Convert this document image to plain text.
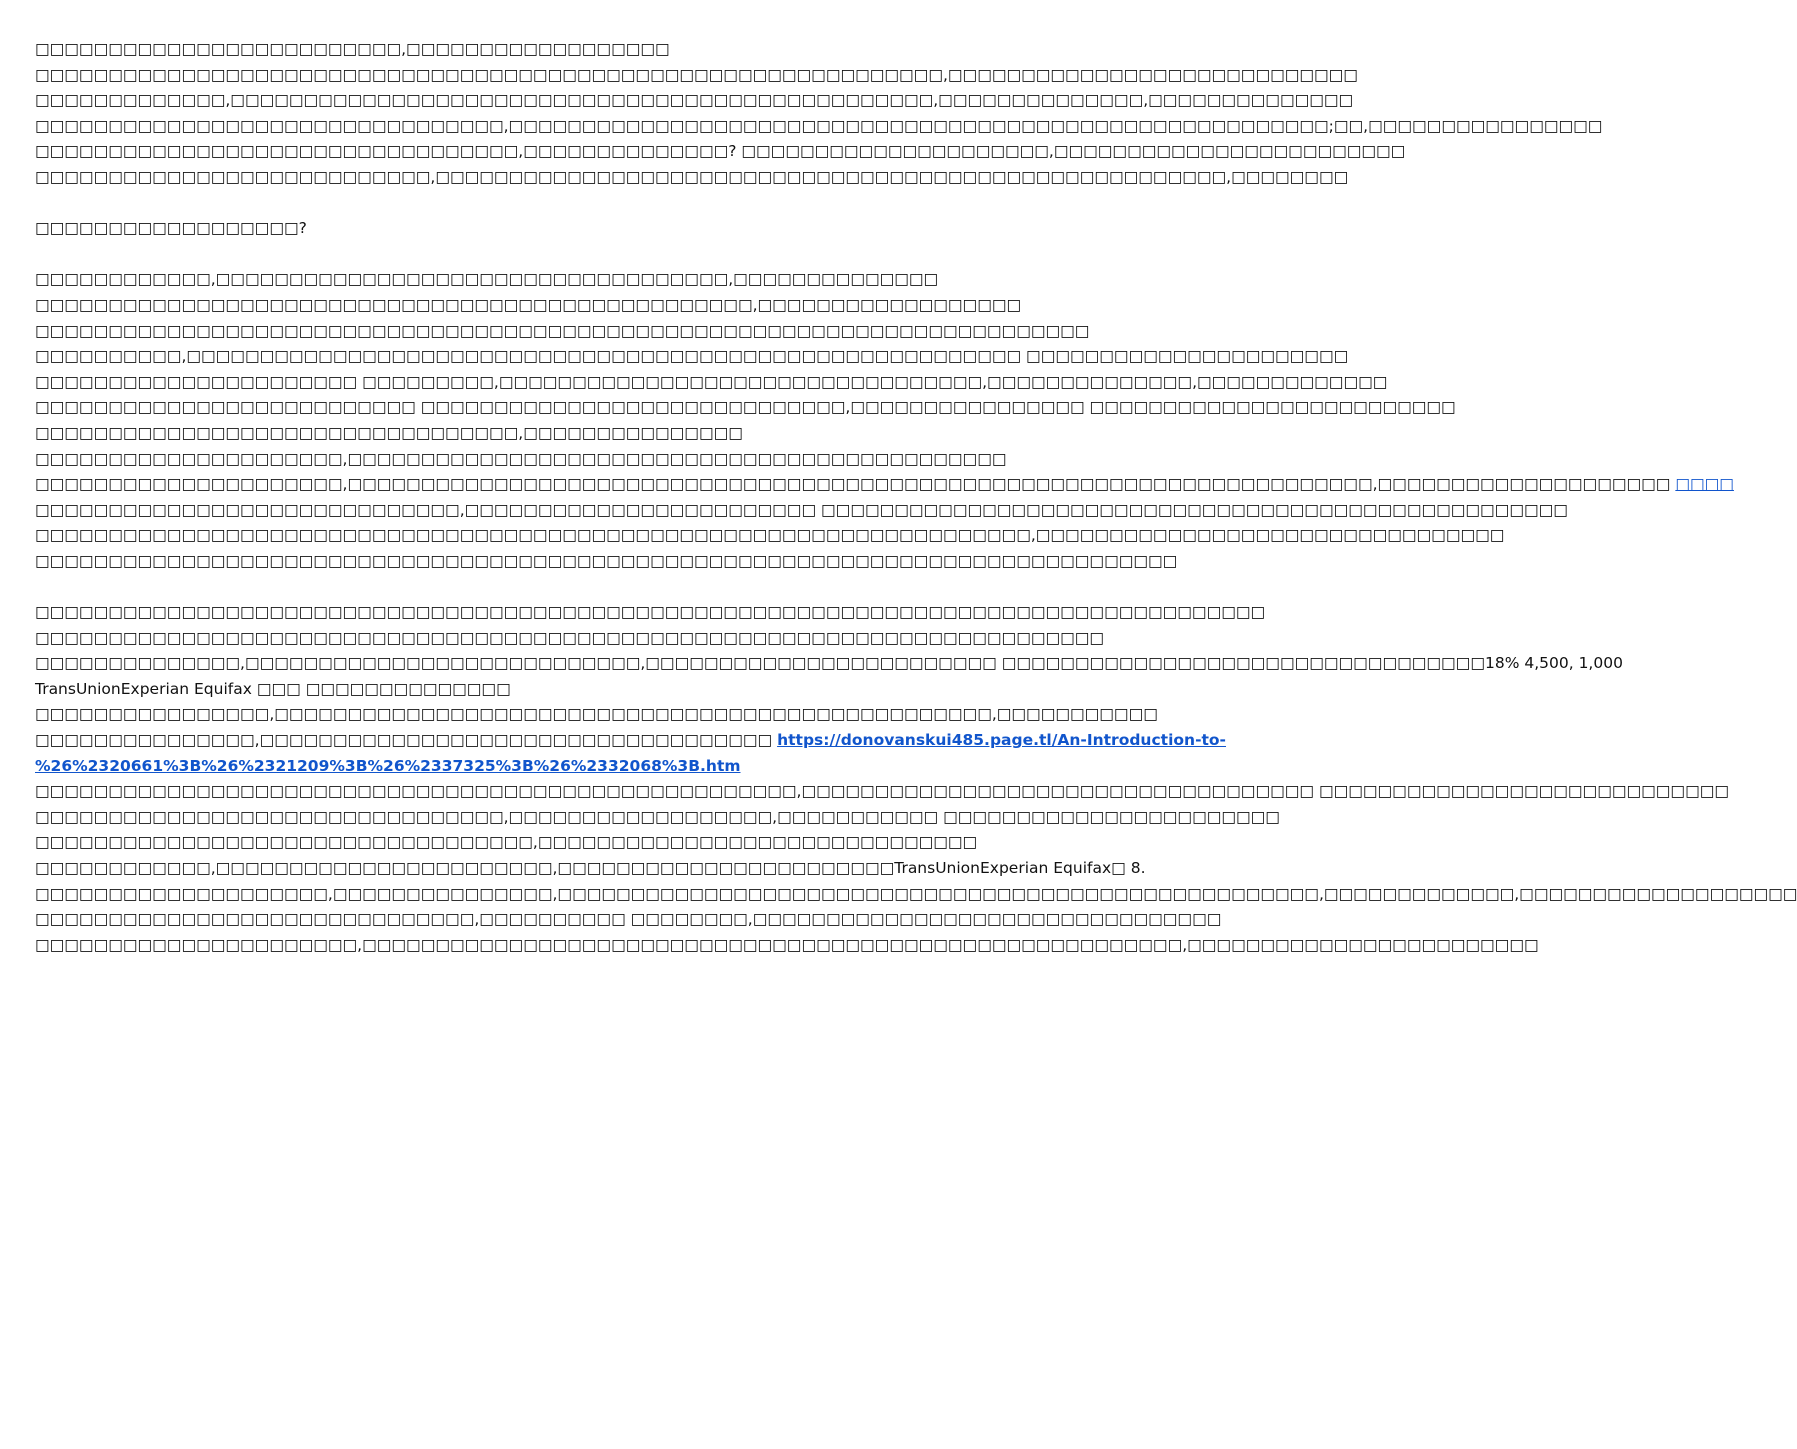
□□□□□□□□□□□□□□□□□□□□□□□□□,□□□□□□□□□□□□□□□□□□
□□□□□□□□□□□□□□□□□□□□□□□□□□□□□□□□□□□□□□□□□□□□□□□□□□□□□□□□□□□□□□,□□□□□□□□□□□□□□□□□□□□□□□□□□□□
□□□□□□□□□□□□□,□□□□□□□□□□□□□□□□□□□□□□□□□□□□□□□□□□□□□□□□□□□□□□□□,□□□□□□□□□□□□□□,□□□□□□□□□□□□□□
□□□□□□□□□□□□□□□□□□□□□□□□□□□□□□□□,□□□□□□□□□□□□□□□□□□□□□□□□□□□□□□□□□□□□□□□□□□□□□□□□□□□□□□□□;□□,□□□□□□□□□□□□□□□□
□□□□□□□□□□□□□□□□□□□□□□□□□□□□□□□□□,□□□□□□□□□□□□□□? □□□□□□□□□□□□□□□□□□□□□,□□□□□□□□□□□□□□□□□□□□□□□□
□□□□□□□□□□□□□□□□□□□□□□□□□□□,□□□□□□□□□□□□□□□□□□□□□□□□□□□□□□□□□□□□□□□□□□□□□□□□□□□□□□,□□□□□□□□
□□□□□□□□□□□□□□□□□□?
□□□□□□□□□□□□,□□□□□□□□□□□□□□□□□□□□□□□□□□□□□□□□□□□,□□□□□□□□□□□□□□
□□□□□□□□□□□□□□□□□□□□□□□□□□□□□□□□□□□□□□□□□□□□□□□□□,□□□□□□□□□□□□□□□□□□
□□□□□□□□□□□□□□□□□□□□□□□□□□□□□□□□□□□□□□□□□□□□□□□□□□□□□□□□□□□□□□□□□□□□□□□□
□□□□□□□□□□,□□□□□□□□□□□□□□□□□□□□□□□□□□□□□□□□□□□□□□□□□□□□□□□□□□□□□□□□□ □□□□□□□□□□□□□□□□□□□□□□
□□□□□□□□□□□□□□□□□□□□□□ □□□□□□□□□,□□□□□□□□□□□□□□□□□□□□□□□□□□□□□□□□□,□□□□□□□□□□□□□□,□□□□□□□□□□□□□
□□□□□□□□□□□□□□□□□□□□□□□□□□ □□□□□□□□□□□□□□□□□□□□□□□□□□□□□,□□□□□□□□□□□□□□□□ □□□□□□□□□□□□□□□□□□□□□□□□□
□□□□□□□□□□□□□□□□□□□□□□□□□□□□□□□□□,□□□□□□□□□□□□□□□
□□□□□□□□□□□□□□□□□□□□□,□□□□□□□□□□□□□□□□□□□□□□□□□□□□□□□□□□□□□□□□□□□□□
□□□□□□□□□□□□□□□□□□□□□,□□□□□□□□□□□□□□□□□□□□□□□□□□□□□□□□□□□□□□□□□□□□□□□□□□□□□□□□□□□□□□□□□□□□□□,□□□□□□□□□□□□□□□□□□□□ □□□□
□□□□□□□□□□□□□□□□□□□□□□□□□□□□□,□□□□□□□□□□□□□□□□□□□□□□□□ □□□□□□□□□□□□□□□□□□□□□□□□□□□□□□□□□□□□□□□□□□□□□□□□□□□
□□□□□□□□□□□□□□□□□□□□□□□□□□□□□□□□□□□□□□□□□□□□□□□□□□□□□□□□□□□□□□□□□□□□,□□□□□□□□□□□□□□□□□□□□□□□□□□□□□□□□
□□□□□□□□□□□□□□□□□□□□□□□□□□□□□□□□□□□□□□□□□□□□□□□□□□□□□□□□□□□□□□□□□□□□□□□□□□□□□□
□□□□□□□□□□□□□□□□□□□□□□□□□□□□□□□□□□□□□□□□□□□□□□□□□□□□□□□□□□□□□□□□□□□□□□□□□□□□□□□□□□□□
□□□□□□□□□□□□□□□□□□□□□□□□□□□□□□□□□□□□□□□□□□□□□□□□□□□□□□□□□□□□□□□□□□□□□□□□□
□□□□□□□□□□□□□□,□□□□□□□□□□□□□□□□□□□□□□□□□□□,□□□□□□□□□□□□□□□□□□□□□□□□ □□□□□□□□□□□□□□□□□□□□□□□□□□□□□□□□□18% 4,500, 1,000
TransUnionExperian Equifax □□□ □□□□□□□□□□□□□□
□□□□□□□□□□□□□□□□,□□□□□□□□□□□□□□□□□□□□□□□□□□□□□□□□□□□□□□□□□□□□□□□□□,□□□□□□□□□□□
□□□□□□□□□□□□□□□,□□□□□□□□□□□□□□□□□□□□□□□□□□□□□□□□□□□ https://donovanskui485.page.tl/An-Introduction-to-
%26%2320661%3B%26%2321209%3B%26%2337325%3B%26%2332068%3B.htm
□□□□□□□□□□□□□□□□□□□□□□□□□□□□□□□□□□□□□□□□□□□□□□□□□□□□,□□□□□□□□□□□□□□□□□□□□□□□□□□□□□□□□□□□ □□□□□□□□□□□□□□□□□□□□□□□□□□□□
□□□□□□□□□□□□□□□□□□□□□□□□□□□□□□□□,□□□□□□□□□□□□□□□□□□,□□□□□□□□□□□ □□□□□□□□□□□□□□□□□□□□□□□
□□□□□□□□□□□□□□□□□□□□□□□□□□□□□□□□□□,□□□□□□□□□□□□□□□□□□□□□□□□□□□□□□
□□□□□□□□□□□□,□□□□□□□□□□□□□□□□□□□□□□□,□□□□□□□□□□□□□□□□□□□□□□□TransUnionExperian Equifax□ 8.
□□□□□□□□□□□□□□□□□□□□,□□□□□□□□□□□□□□□,□□□□□□□□□□□□□□□□□□□□□□□□□□□□□□□□□□□□□□□□□□□□□□□□□□□□,□□□□□□□□□□□□□,□□□□□□□□□□□□□□□□□□□
□□□□□□□□□□□□□□□□□□□□□□□□□□□□□□,□□□□□□□□□□ □□□□□□□□,□□□□□□□□□□□□□□□□□□□□□□□□□□□□□□□□
□□□□□□□□□□□□□□□□□□□□□□,□□□□□□□□□□□□□□□□□□□□□□□□□□□□□□□□□□□□□□□□□□□□□□□□□□□□□□□□,□□□□□□□□□□□□□□□□□□□□□□□□
